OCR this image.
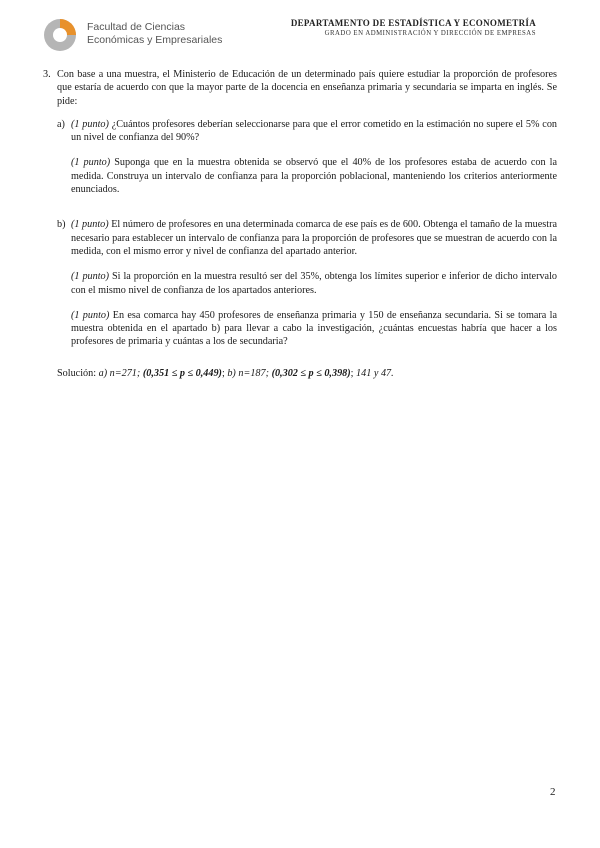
Facultad de Ciencias
Económicas y Empresariales
DEPARTAMENTO DE ESTADÍSTICA Y ECONOMETRÍA
GRADO EN ADMINISTRACIÓN Y DIRECCIÓN DE EMPRESAS
3. Con base a una muestra, el Ministerio de Educación de un determinado país quiere estudiar la proporción de profesores que estaría de acuerdo con que la mayor parte de la docencia en enseñanza primaria y secundaria se imparta en inglés. Se pide:
a) (1 punto) ¿Cuántos profesores deberían seleccionarse para que el error cometido en la estimación no supere el 5% con un nivel de confianza del 90%?

(1 punto) Suponga que en la muestra obtenida se observó que el 40% de los profesores estaba de acuerdo con la medida. Construya un intervalo de confianza para la proporción poblacional, manteniendo los criterios anteriormente enunciados.

b) (1 punto) El número de profesores en una determinada comarca de ese país es de 600. Obtenga el tamaño de la muestra necesario para establecer un intervalo de confianza para la proporción de profesores que se muestran de acuerdo con la medida, con el mismo error y nivel de confianza del apartado anterior.

(1 punto) Si la proporción en la muestra resultó ser del 35%, obtenga los límites superior e inferior de dicho intervalo con el mismo nivel de confianza de los apartados anteriores.

(1 punto) En esa comarca hay 450 profesores de enseñanza primaria y 150 de enseñanza secundaria. Si se tomara la muestra obtenida en el apartado b) para llevar a cabo la investigación, ¿cuántas encuestas habría que hacer a los profesores de primaria y cuántas a los de secundaria?

Solución: a) n=271; (0,351 ≤ p ≤ 0,449); b) n=187; (0,302 ≤ p ≤ 0,398); 141 y 47.
2
